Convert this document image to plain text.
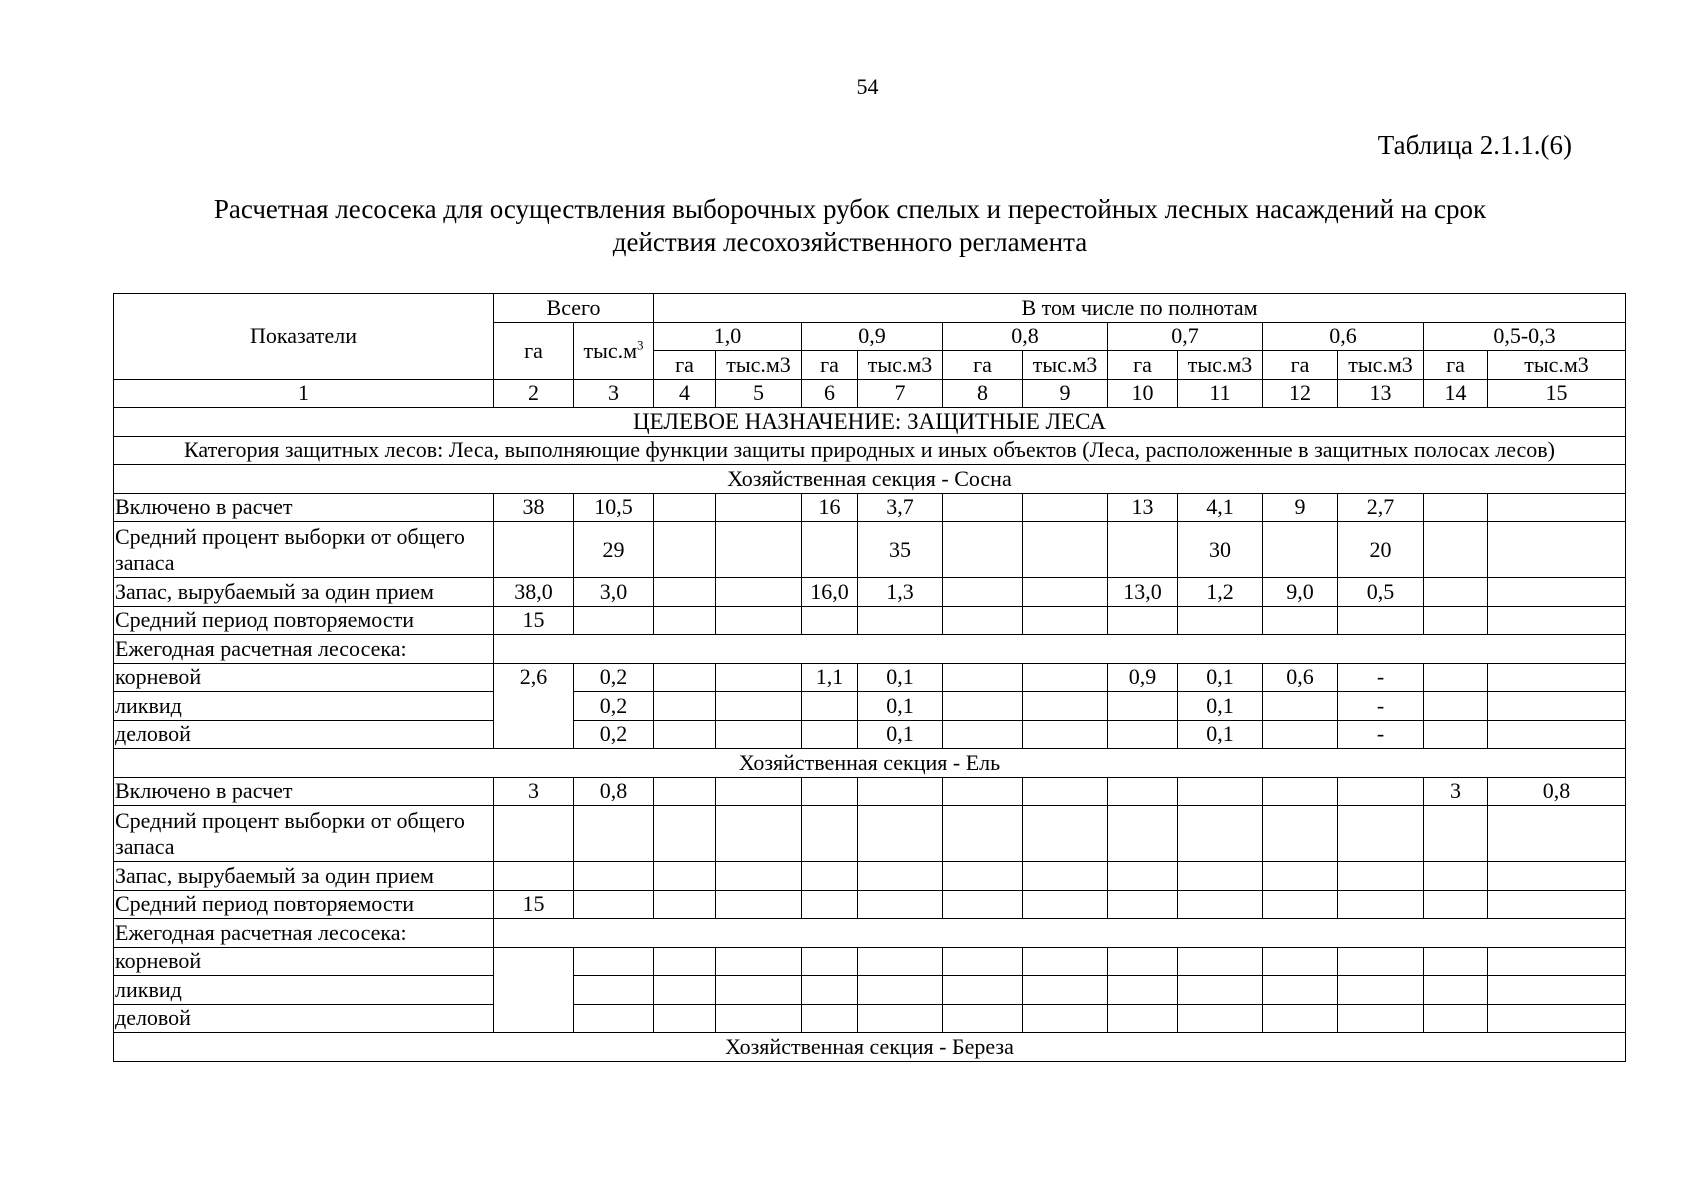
54
Таблица 2.1.1.(6)
Расчетная лесосека для осуществления выборочных рубок спелых и перестойных лесных насаждений на срок
действия лесохозяйственного регламента
Показатели	Всего		В том числе по полнотам											
	га	$тыс.м^3$	1,0		0,9		0,8		0,7		0,6		0,5-0,3	
			га	тыс.м3	га	тыс.м3	га	тыс.м3	га	тыс.м3	га	тыс.м3	га	тыс.м3
1	2	3	4	5	6	7	8	9	10	11	12	13	14	15
ЦЕЛЕВОЕ НАЗНАЧЕНИЕ: ЗАЩИТНЫЕ ЛЕСА														
Категория защитных лесов: Леса, выполняющие функции защиты природных и иных объектов (Леса, расположенные в защитных полосах лесов)														
Хозяйственная секция - Сосна														
Включено в расчет	38	10,5			16	3,7			13	4,1	9	2,7		
Средний процент выборки от общего запаса		29				35				30		20		
Запас, вырубаемый за один прием	38,0	3,0			16,0	1,3			13,0	1,2	9,0	0,5		
Средний период повторяемости	15													
Ежегодная расчетная лесосека:														
корневой	2,6	0,2			1,1	0,1			0,9	0,1	0,6	-		
ликвид		0,2				0,1				0,1		-		
деловой		0,2				0,1				0,1		-		
Хозяйственная секция - Ель														
Включено в расчет	3	0,8											3	0,8
Средний процент выборки от общего запаса														
Запас, вырубаемый за один прием														
Средний период повторяемости	15													
Ежегодная расчетная лесосека:														
корневой														
ликвид														
деловой														
Хозяйственная секция - Береза														
